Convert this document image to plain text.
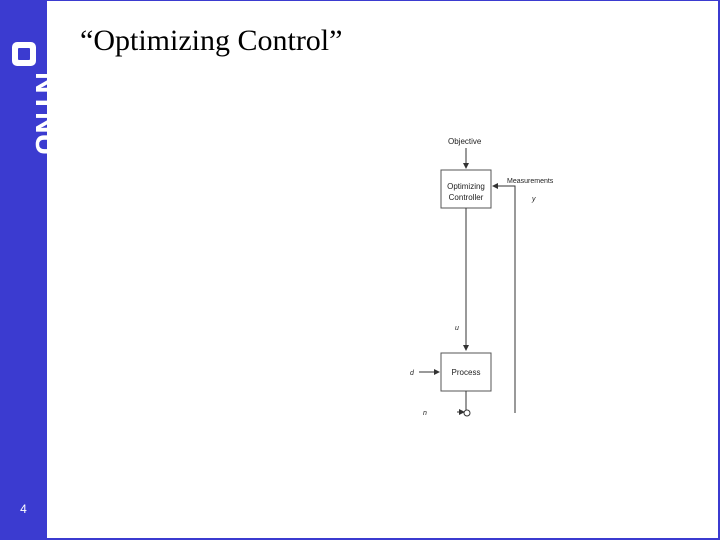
NTNU
4
“Optimizing Control”
Objective
Optimizing
Controller
Measurements
y
u
Process
d
n
